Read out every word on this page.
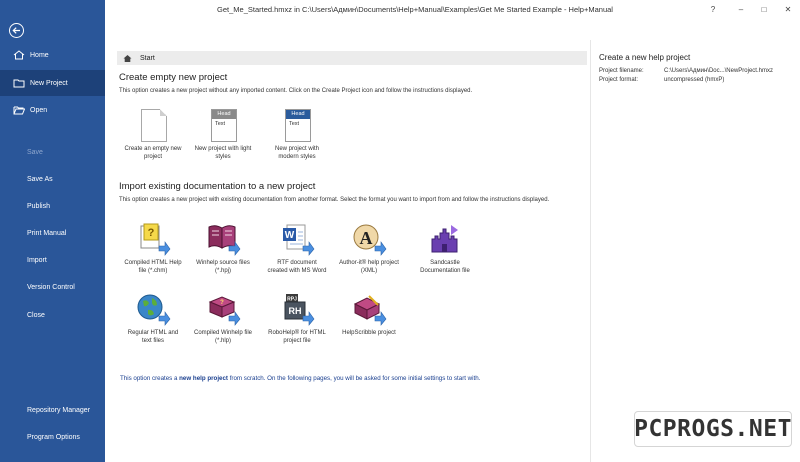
Home
New Project
Open
Save
Save As
Publish
Print Manual
Import
Version Control
Close
Repository Manager
Program Options
Get_Me_Started.hmxz in C:\Users\Админ\Documents\Help+Manual\Examples\Get Me Started Example - Help+Manual	?	–	□	✕
Start
Create empty new project
This option creates a new project without any imported content. Click on the Create Project icon and follow the instructions displayed.
Create an empty new project
Head
Text
New project with light styles
Head
Text
New project with modern styles
Import existing documentation to a new project
This option creates a new project with existing documentation from another format. Select the format you want to import from and follow the instructions displayed.
?
Compiled HTML Help file (*.chm)
Winhelp source files (*.hpj)
W
RTF document created with MS Word
A
Author-it® help project (XML)
Sandcastle Documentation file
Regular HTML and text files
?
Compiled Winhelp file (*.hlp)
RPJ
RH
RoboHelp® for HTML project file
HelpScribble project
This option creates a new help project from scratch. On the following pages, you will be asked for some initial settings to start with.
Create a new help project
Project filename:	C:\Users\Админ\Doc...\NewProject.hmxz
Project format:	uncompressed (hmxP)
PCPROGS.NET
